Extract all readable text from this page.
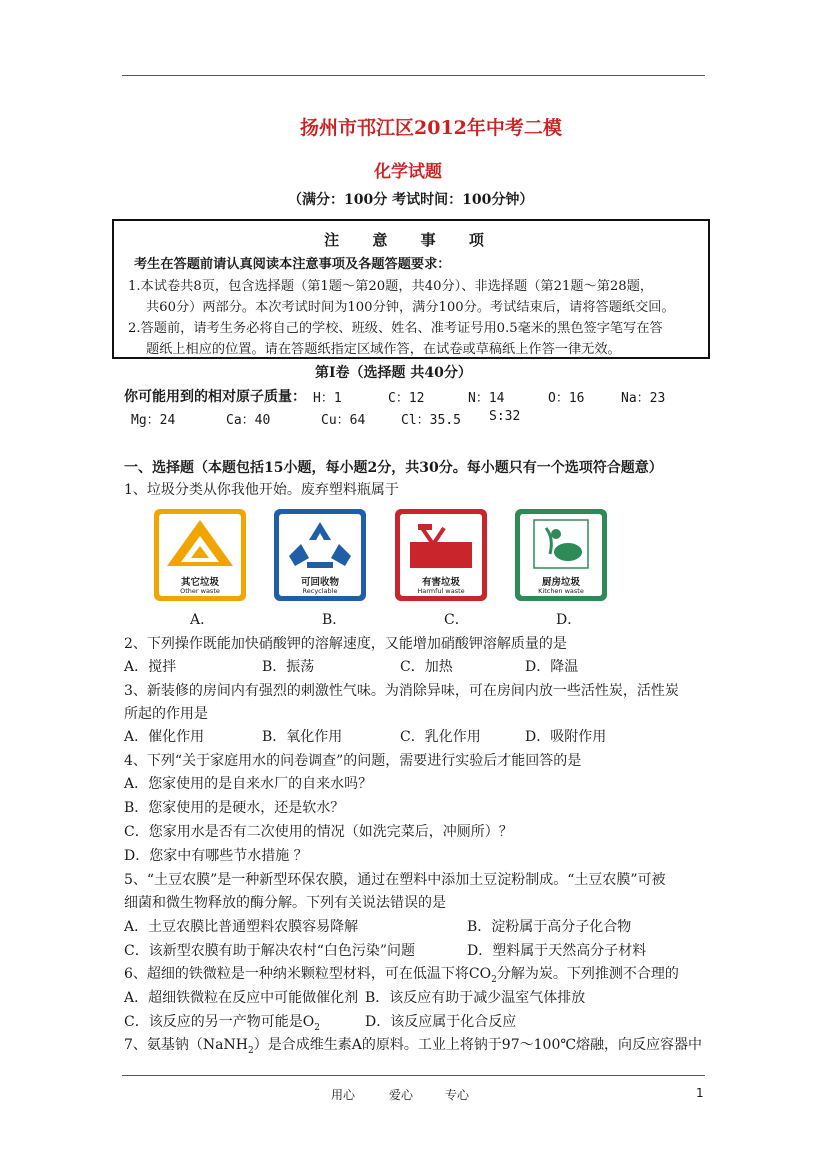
扬州市邗江区2012年中考二模
化学试题
（满分：100分 考试时间：100分钟）
注 意 事 项
考生在答题前请认真阅读本注意事项及各题答题要求：
1.本试卷共8页，包含选择题（第1题～第20题，共40分）、非选择题（第21题～第28题，
共60分）两部分。本次考试时间为100分钟，满分100分。考试结束后，请将答题纸交回。
2.答题前，请考生务必将自己的学校、班级、姓名、准考证号用0.5毫米的黑色签字笔写在答
题纸上相应的位置。请在答题纸指定区域作答，在试卷或草稿纸上作答一律无效。
第Ⅰ卷（选择题 共40分）
你可能用到的相对原子质量： H：1	C：12	N：14	O：16	Na：23
Mg：24	Ca：40	Cu：64	Cl：35.5 S:32
一、选择题（本题包括15小题，每小题2分，共30分。每小题只有一个选项符合题意）
1、垃圾分类从你我他开始。废弃塑料瓶属于
其它垃圾
Other waste
可回收物
Recyclable
有害垃圾
Harmful waste
厨房垃圾
Kitchen waste
A．	B．	C．	D．
2、下列操作既能加快硝酸钾的溶解速度，又能增加硝酸钾溶解质量的是
A．搅拌	B．振荡	C．加热	D．降温
3、新装修的房间内有强烈的刺激性气味。为消除异味，可在房间内放一些活性炭，活性炭
所起的作用是
A．催化作用	B．氧化作用	C．乳化作用	D．吸附作用
4、下列“关于家庭用水的问卷调查”的问题，需要进行实验后才能回答的是
A．您家使用的是自来水厂的自来水吗？
B．您家使用的是硬水，还是软水？
C．您家用水是否有二次使用的情况（如洗完菜后，冲厕所）？
D．您家中有哪些节水措施 ？
5、“土豆农膜”是一种新型环保农膜，通过在塑料中添加土豆淀粉制成。“土豆农膜”可被
细菌和微生物释放的酶分解。下列有关说法错误的是
A．土豆农膜比普通塑料农膜容易降解	B．淀粉属于高分子化合物
C．该新型农膜有助于解决农村“白色污染”问题	D．塑料属于天然高分子材料
6、超细的铁微粒是一种纳米颗粒型材料，可在低温下将$CO_2$分解为炭。下列推测不合理的
A．超细铁微粒在反应中可能做催化剂 B．该反应有助于减少温室气体排放
C．该反应的另一产物可能是$O_2$	D．该反应属于化合反应
7、氨基钠（NaNH$_2$）是合成维生素A的原料。工业上将钠于97～100℃熔融，向反应容器中
用心	爱心	专心	1
